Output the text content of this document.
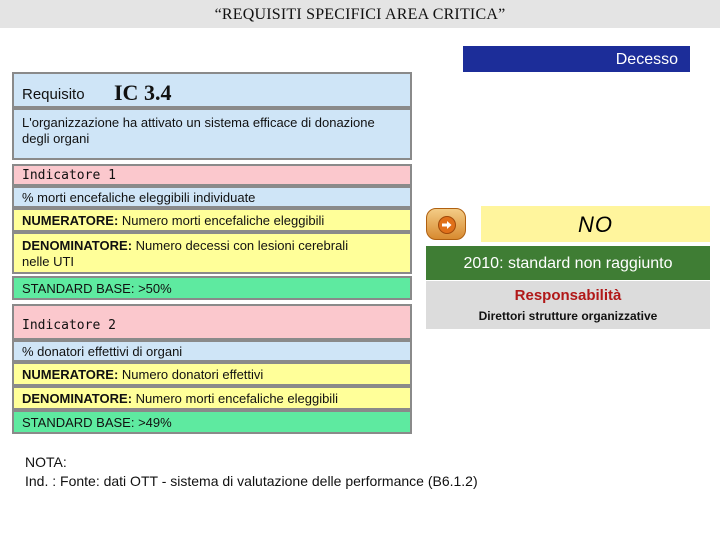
“REQUISITI SPECIFICI AREA CRITICA”
Decesso
Requisito IC 3.4
L'organizzazione ha attivato un sistema efficace di donazione
degli organi
Indicatore 1
% morti encefaliche eleggibili individuate
NUMERATORE: Numero morti encefaliche eleggibili
DENOMINATORE: Numero decessi con lesioni cerebrali
nelle UTI
STANDARD BASE: >50%
Indicatore 2
% donatori effettivi di organi
NUMERATORE: Numero donatori effettivi
DENOMINATORE: Numero morti encefaliche eleggibili
STANDARD BASE: >49%
NO
2010: standard non raggiunto
Responsabilità
Direttori strutture organizzative
NOTA:
Ind. : Fonte: dati OTT - sistema di valutazione delle performance (B6.1.2)
